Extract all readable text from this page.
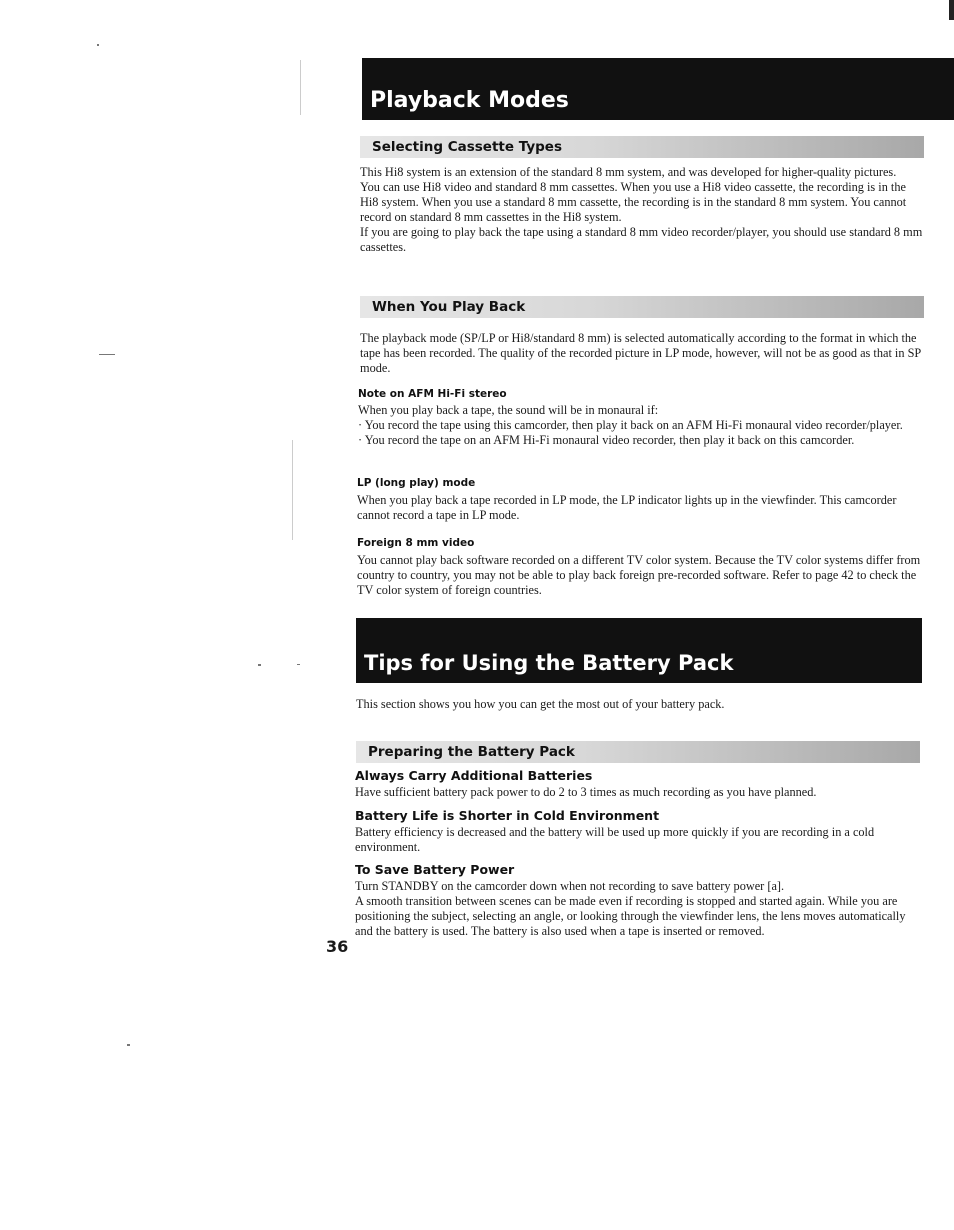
Playback Modes
Selecting Cassette Types

This Hi8 system is an extension of the standard 8 mm system, and was developed for higher-quality pictures.

You can use Hi8 video and standard 8 mm cassettes. When you use a Hi8 video cassette, the recording is in the Hi8 system. When you use a standard 8 mm cassette, the recording is in the standard 8 mm system. You cannot record on standard 8 mm cassettes in the Hi8 system.

If you are going to play back the tape using a standard 8 mm video recorder/player, you should use standard 8 mm cassettes.

When You Play Back

The playback mode (SP/LP or Hi8/standard 8 mm) is selected automatically according to the format in which the tape has been recorded. The quality of the recorded picture in LP mode, however, will not be as good as that in SP mode.

Note on AFM Hi-Fi stereo

When you play back a tape, the sound will be in monaural if:

· You record the tape using this camcorder, then play it back on an AFM Hi-Fi monaural video recorder/player.

· You record the tape on an AFM Hi-Fi monaural video recorder, then play it back on this camcorder.

LP (long play) mode

When you play back a tape recorded in LP mode, the LP indicator lights up in the viewfinder. This camcorder cannot record a tape in LP mode.

Foreign 8 mm video

You cannot play back software recorded on a different TV color system. Because the TV color systems differ from country to country, you may not be able to play back foreign pre-recorded software. Refer to page 42 to check the TV color system of foreign countries.

Tips for Using the Battery Pack

This section shows you how you can get the most out of your battery pack.

Preparing the Battery Pack
Always Carry Additional Batteries

Have sufficient battery pack power to do 2 to 3 times as much recording as you have planned.

Battery Life is Shorter in Cold Environment

Battery efficiency is decreased and the battery will be used up more quickly if you are recording in a cold environment.

To Save Battery Power

Turn STANDBY on the camcorder down when not recording to save battery power [a].

A smooth transition between scenes can be made even if recording is stopped and started again. While you are positioning the subject, selecting an angle, or looking through the viewfinder lens, the lens moves automatically and the battery is used. The battery is also used when a tape is inserted or removed.

36
